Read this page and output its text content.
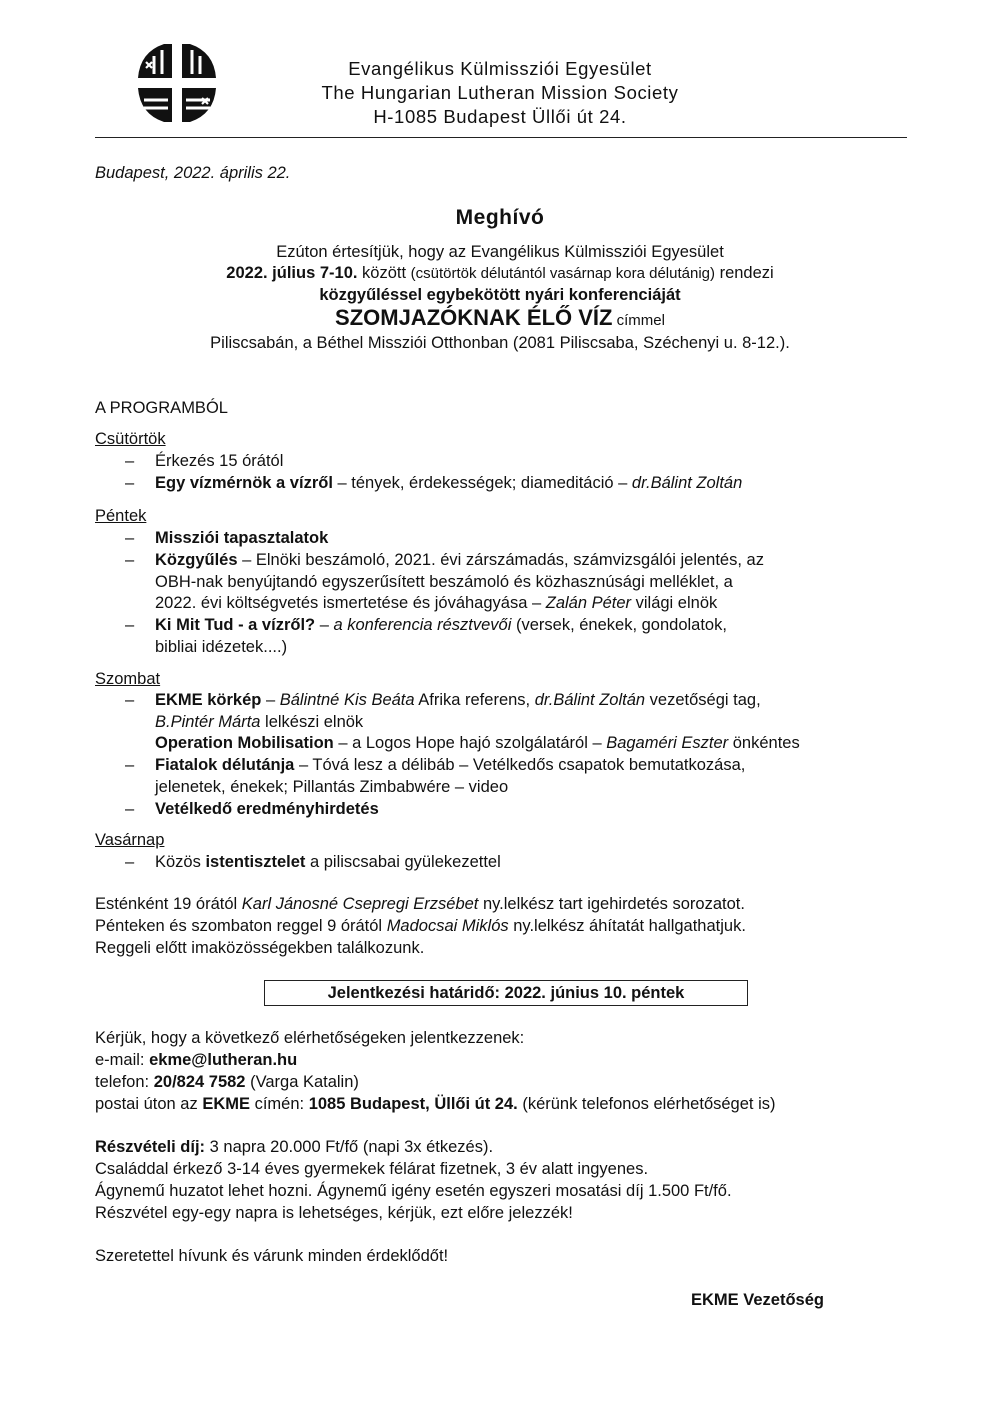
Evangélikus Külmissziói Egyesület
The Hungarian Lutheran Mission Society
H-1085 Budapest Üllői út 24.
Budapest, 2022. április 22.
Meghívó
Ezúton értesítjük, hogy az Evangélikus Külmissziói Egyesület
2022. július 7-10. között (csütörtök délutántól vasárnap kora délutánig) rendezi
közgyűléssel egybekötött nyári konferenciáját
SZOMJAZÓKNAK ÉLŐ VÍZ címmel
Piliscsabán, a Béthel Missziói Otthonban (2081 Piliscsaba, Széchenyi u. 8-12.).
A PROGRAMBÓL
Csütörtök
– Érkezés 15 órától
– Egy vízmérnök a vízről – tények, érdekességek; diameditáció – dr.Bálint Zoltán
Péntek
– Missziói tapasztalatok
– Közgyűlés – Elnöki beszámoló, 2021. évi zárszámadás, számvizsgálói jelentés, az
OBH-nak benyújtandó egyszerűsített beszámoló és közhasznúsági melléklet, a
2022. évi költségvetés ismertetése és jóváhagyása – Zalán Péter világi elnök
– Ki Mit Tud - a vízről? – a konferencia résztvevői (versek, énekek, gondolatok,
bibliai idézetek....)
Szombat
– EKME körkép – Bálintné Kis Beáta Afrika referens, dr.Bálint Zoltán vezetőségi tag,
B.Pintér Márta lelkészi elnök
Operation Mobilisation – a Logos Hope hajó szolgálatáról – Bagaméri Eszter önkéntes
– Fiatalok délutánja – Tóvá lesz a délibáb – Vetélkedős csapatok bemutatkozása,
jelenetek, énekek; Pillantás Zimbabwére – video
– Vetélkedő eredményhirdetés
Vasárnap
– Közös istentisztelet a piliscsabai gyülekezettel
Esténként 19 órától Karl Jánosné Csepregi Erzsébet ny.lelkész tart igehirdetés sorozatot.
Pénteken és szombaton reggel 9 órától Madocsai Miklós ny.lelkész áhítatát hallgathatjuk.
Reggeli előtt imaközösségekben találkozunk.
Jelentkezési határidő: 2022. június 10. péntek
Kérjük, hogy a következő elérhetőségeken jelentkezzenek:
e-mail: ekme@lutheran.hu
telefon: 20/824 7582 (Varga Katalin)
postai úton az EKME címén: 1085 Budapest, Üllői út 24. (kérünk telefonos elérhetőséget is)
Részvételi díj: 3 napra 20.000 Ft/fő (napi 3x étkezés).
Családdal érkező 3-14 éves gyermekek félárat fizetnek, 3 év alatt ingyenes.
Ágynemű huzatot lehet hozni. Ágynemű igény esetén egyszeri mosatási díj 1.500 Ft/fő.
Részvétel egy-egy napra is lehetséges, kérjük, ezt előre jelezzék!
Szeretettel hívunk és várunk minden érdeklődőt!
EKME Vezetőség
